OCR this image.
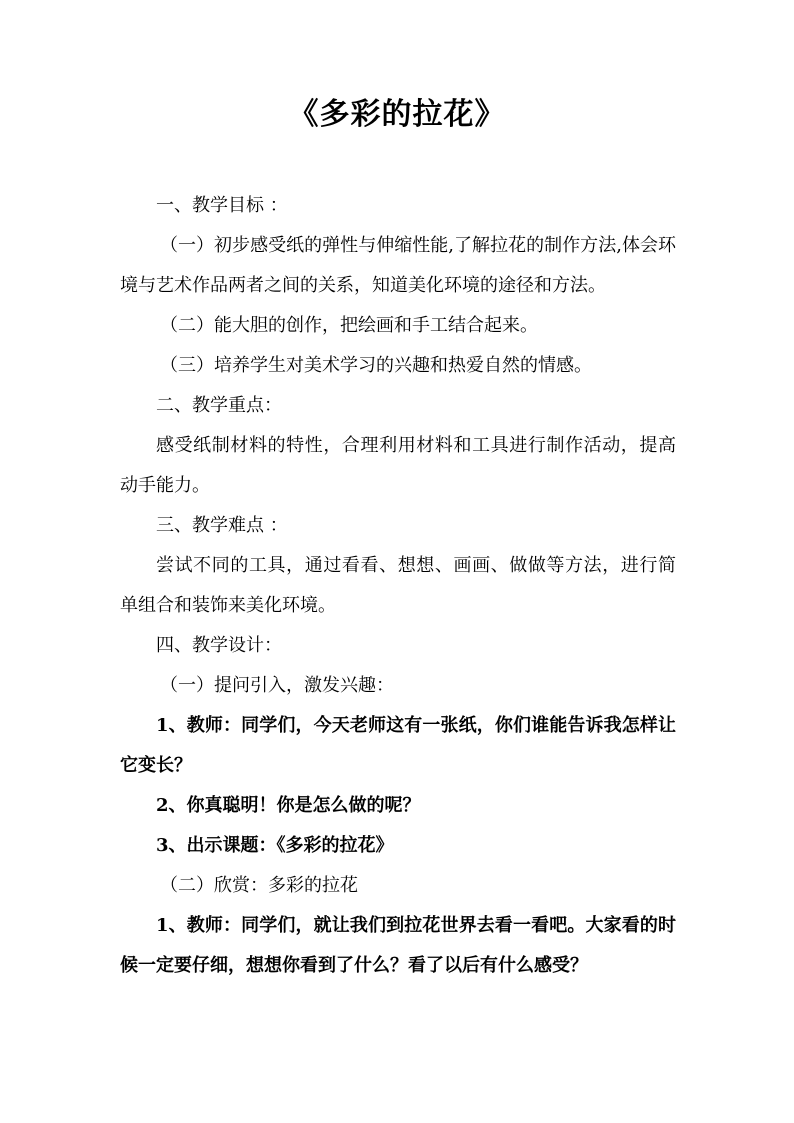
《多彩的拉花》

一、教学目标 ：

（一）初步感受纸的弹性与伸缩性能,了解拉花的制作方法,体会环境与艺术作品两者之间的关系，知道美化环境的途径和方法。

（二）能大胆的创作，把绘画和手工结合起来。

（三）培养学生对美术学习的兴趣和热爱自然的情感。

二、教学重点：

感受纸制材料的特性，合理利用材料和工具进行制作活动，提高动手能力。

三、教学难点 ：

尝试不同的工具，通过看看、想想、画画、做做等方法，进行简单组合和装饰来美化环境。

四、教学设计：

（一）提问引入，激发兴趣：

1、教师：同学们，今天老师这有一张纸，你们谁能告诉我怎样让它变长？

2、你真聪明！你是怎么做的呢？

3、出示课题：《多彩的拉花》

（二）欣赏：多彩的拉花

1、教师：同学们，就让我们到拉花世界去看一看吧。大家看的时候一定要仔细，想想你看到了什么？看了以后有什么感受？
